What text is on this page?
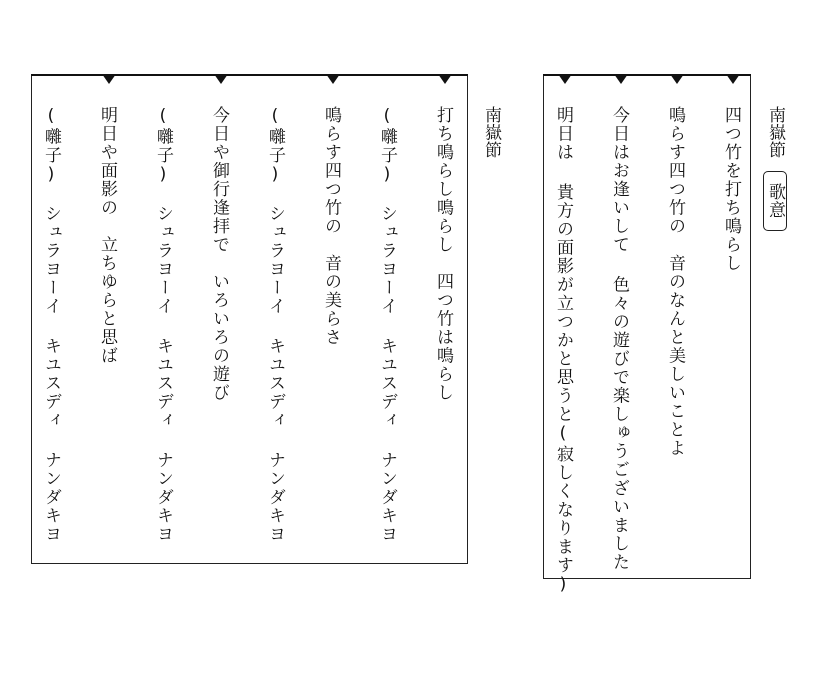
打ち鳴らし鳴らし　四つ竹は鳴らし
(囃子)　シュラヨーイ キユスディ ナンダキヨ
鳴らす四つ竹の　音の美らさ
(囃子)　シュラヨーイ キユスディ ナンダキヨ
今日や御行逢拝で　いろいろの遊び
(囃子)　シュラヨーイ キユスディ ナンダキヨ
明日や面影の　立ちゆらと思ば
(囃子)　シュラヨーイ キユスディ ナンダキヨ	南嶽節	四つ竹を打ち鳴らし
鳴らす四つ竹の　音のなんと美しいことよ
今日はお逢いして 色々の遊びで楽しゅうございました
明日は 貴方の面影が立つかと思うと(寂しくなります)	南嶽節
歌意
